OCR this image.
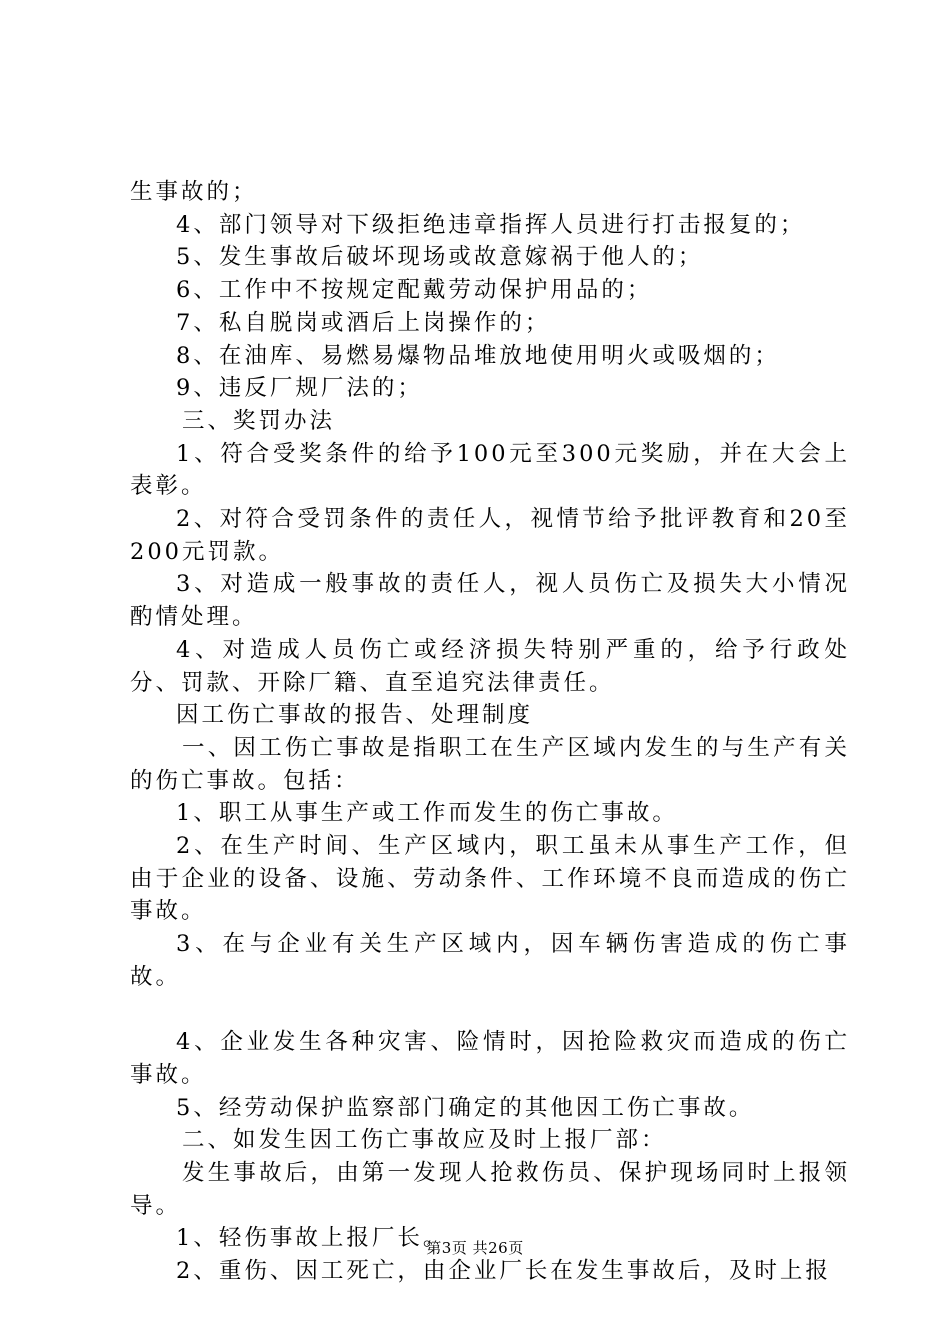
生事故的；

4、部门领导对下级拒绝违章指挥人员进行打击报复的；

5、发生事故后破坏现场或故意嫁祸于他人的；

6、工作中不按规定配戴劳动保护用品的；

7、私自脱岗或酒后上岗操作的；

8、在油库、易燃易爆物品堆放地使用明火或吸烟的；

9、违反厂规厂法的；

三、奖罚办法

1、符合受奖条件的给予100元至300元奖励，并在大会上表彰。

2、对符合受罚条件的责任人，视情节给予批评教育和20至200元罚款。

3、对造成一般事故的责任人，视人员伤亡及损失大小情况酌情处理。

4、对造成人员伤亡或经济损失特别严重的，给予行政处分、罚款、开除厂籍、直至追究法律责任。

因工伤亡事故的报告、处理制度

一、因工伤亡事故是指职工在生产区域内发生的与生产有关的伤亡事故。包括：

1、职工从事生产或工作而发生的伤亡事故。

2、在生产时间、生产区域内，职工虽未从事生产工作，但由于企业的设备、设施、劳动条件、工作环境不良而造成的伤亡事故。

3、在与企业有关生产区域内，因车辆伤害造成的伤亡事故。

4、企业发生各种灾害、险情时，因抢险救灾而造成的伤亡事故。

5、经劳动保护监察部门确定的其他因工伤亡事故。

二、如发生因工伤亡事故应及时上报厂部：

发生事故后，由第一发现人抢救伤员、保护现场同时上报领导。

1、轻伤事故上报厂长。

2、重伤、因工死亡，由企业厂长在发生事故后，及时上报

第3页 共26页
